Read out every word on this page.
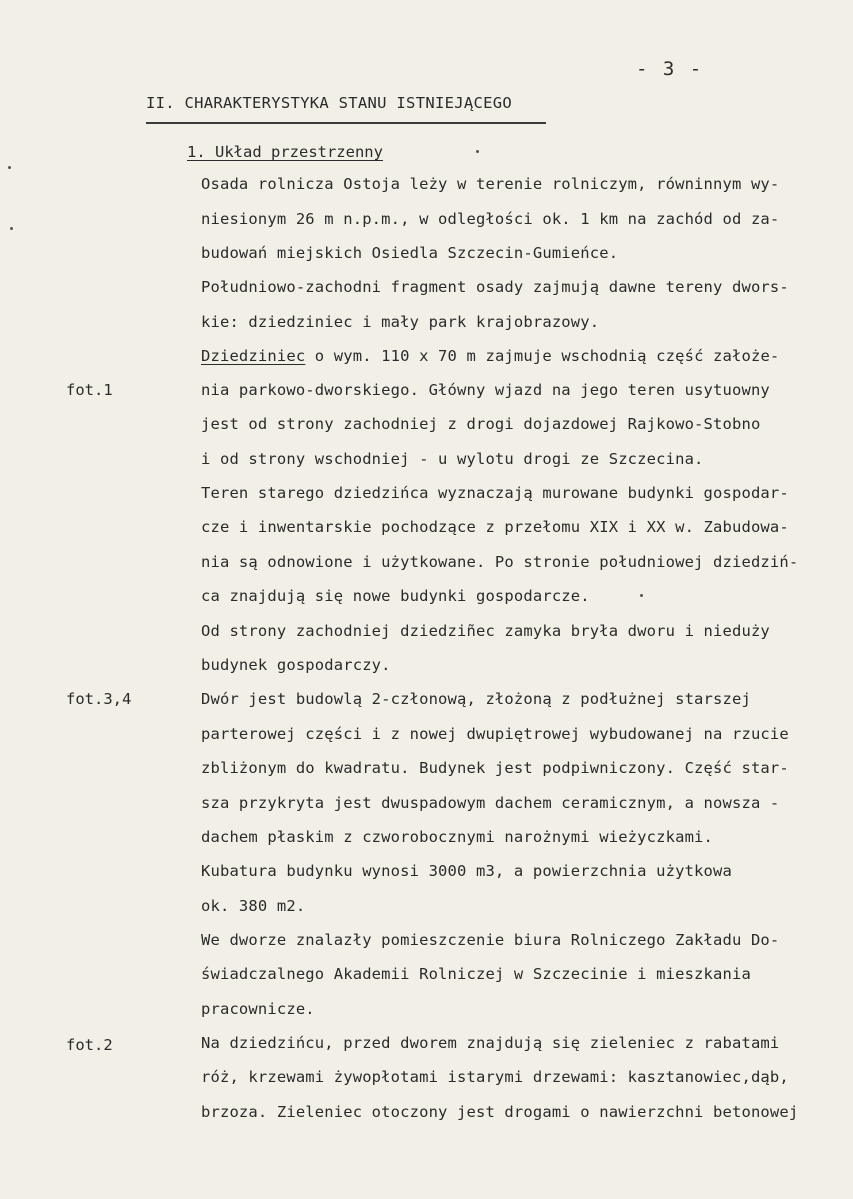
- 3 -
II. CHARAKTERYSTYKA STANU ISTNIEJĄCEGO
1. Układ przestrzenny
fot.1
fot.3,4
fot.2
Osada rolnicza Ostoja leży w terenie rolniczym, równinnym wy-
niesionym 26 m n.p.m., w odległości ok. 1 km na zachód od za-
budowań miejskich Osiedla Szczecin-Gumieńce.
Południowo-zachodni fragment osady zajmują dawne tereny dwors-
kie: dziedziniec i mały park krajobrazowy.
Dziedziniec o wym. 110 x 70 m zajmuje wschodnią część założe-
nia parkowo-dworskiego. Główny wjazd na jego teren usytuowny
jest od strony zachodniej z drogi dojazdowej Rajkowo-Stobno
i od strony wschodniej - u wylotu drogi ze Szczecina.
Teren starego dziedzińca wyznaczają murowane budynki gospodar-
cze i inwentarskie pochodzące z przełomu XIX i XX w. Zabudowa-
nia są odnowione i użytkowane. Po stronie południowej dziedziń-
ca znajdują się nowe budynki gospodarcze.
Od strony zachodniej dziedziñec zamyka bryła dworu i nieduży
budynek gospodarczy.
Dwór jest budowlą 2-członową, złożoną z podłużnej starszej
parterowej części i z nowej dwupiętrowej wybudowanej na rzucie
zbliżonym do kwadratu. Budynek jest podpiwniczony. Część star-
sza przykryta jest dwuspadowym dachem ceramicznym, a nowsza -
dachem płaskim z czworobocznymi narożnymi wieżyczkami.
Kubatura budynku wynosi 3000 m3, a powierzchnia użytkowa
ok. 380 m2.
We dworze znalazły pomieszczenie biura Rolniczego Zakładu Do-
świadczalnego Akademii Rolniczej w Szczecinie i mieszkania
pracownicze.
Na dziedzińcu, przed dworem znajdują się zieleniec z rabatami
róż, krzewami żywopłotami istarymi drzewami: kasztanowiec,dąb,
brzoza. Zieleniec otoczony jest drogami o nawierzchni betonowej
